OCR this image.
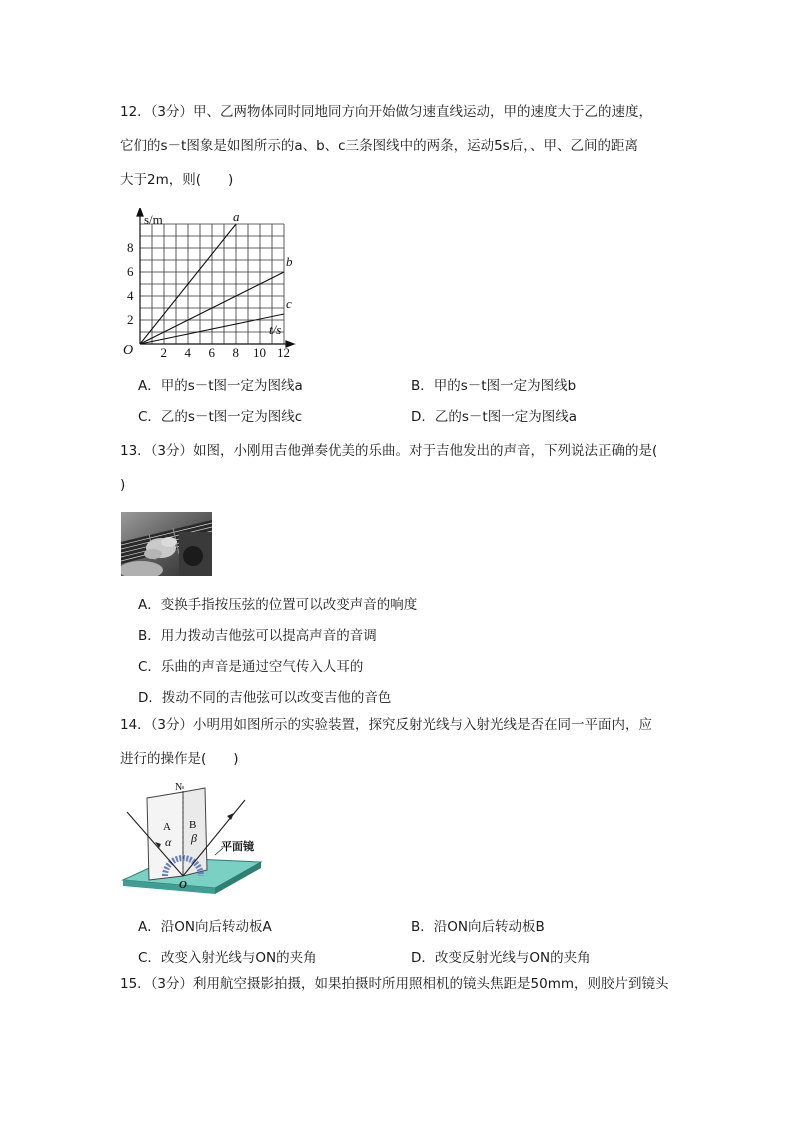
12．（3分）甲、乙两物体同时同地同方向开始做匀速直线运动，甲的速度大于乙的速度，

它们的s－t图象是如图所示的a、b、c三条图线中的两条，运动5s后，、甲、乙间的距离

大于2m，则(　　)

2 4 6 8 10 12
2
4
6
8
s/m
t/s
O
a
b
c
A．甲的s－t图一定为图线a	B．甲的s－t图一定为图线b
C．乙的s－t图一定为图线c	D．乙的s－t图一定为图线a

13．（3分）如图，小刚用吉他弹奏优美的乐曲。对于吉他发出的声音，下列说法正确的是(

)

A．变换手指按压弦的位置可以改变声音的响度
B．用力拨动吉他弦可以提高声音的音调
C．乐曲的声音是通过空气传入人耳的
D．拨动不同的吉他弦可以改变吉他的音色

14．（3分）小明用如图所示的实验装置，探究反射光线与入射光线是否在同一平面内，应

进行的操作是(　　)

N
A B
α β
O
平面镜
A．沿ON向后转动板A	B．沿ON向后转动板B
C．改变入射光线与ON的夹角	D．改变反射光线与ON的夹角

15．（3分）利用航空摄影拍摄，如果拍摄时所用照相机的镜头焦距是50mm，则胶片到镜头
